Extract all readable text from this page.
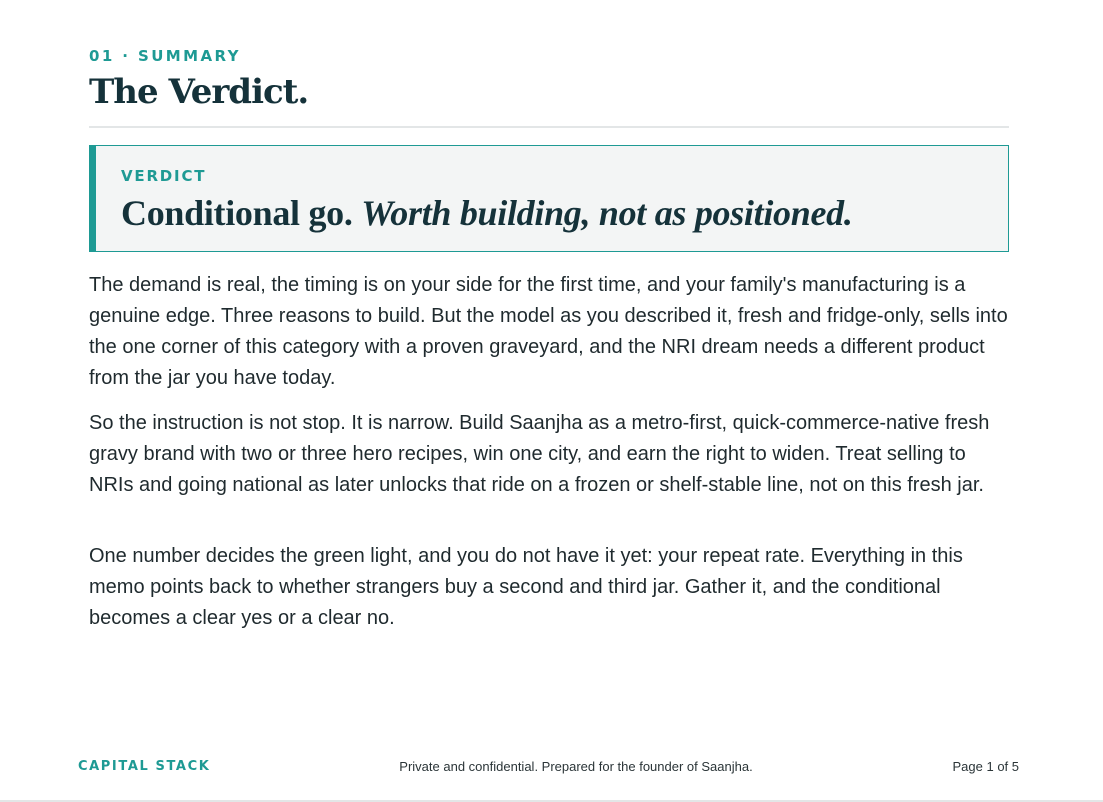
01 · SUMMARY
The Verdict.
VERDICT
Conditional go. Worth building, not as positioned.

The demand is real, the timing is on your side for the first time, and your family's manufacturing is a genuine edge. Three reasons to build. But the model as you described it, fresh and fridge-only, sells into the one corner of this category with a proven graveyard, and the NRI dream needs a different product from the jar you have today.

So the instruction is not stop. It is narrow. Build Saanjha as a metro-first, quick-commerce-native fresh gravy brand with two or three hero recipes, win one city, and earn the right to widen. Treat selling to NRIs and going national as later unlocks that ride on a frozen or shelf-stable line, not on this fresh jar.

One number decides the green light, and you do not have it yet: your repeat rate. Everything in this memo points back to whether strangers buy a second and third jar. Gather it, and the conditional becomes a clear yes or a clear no.

CAPITAL STACK	Private and confidential. Prepared for the founder of Saanjha.	Page 1 of 5
